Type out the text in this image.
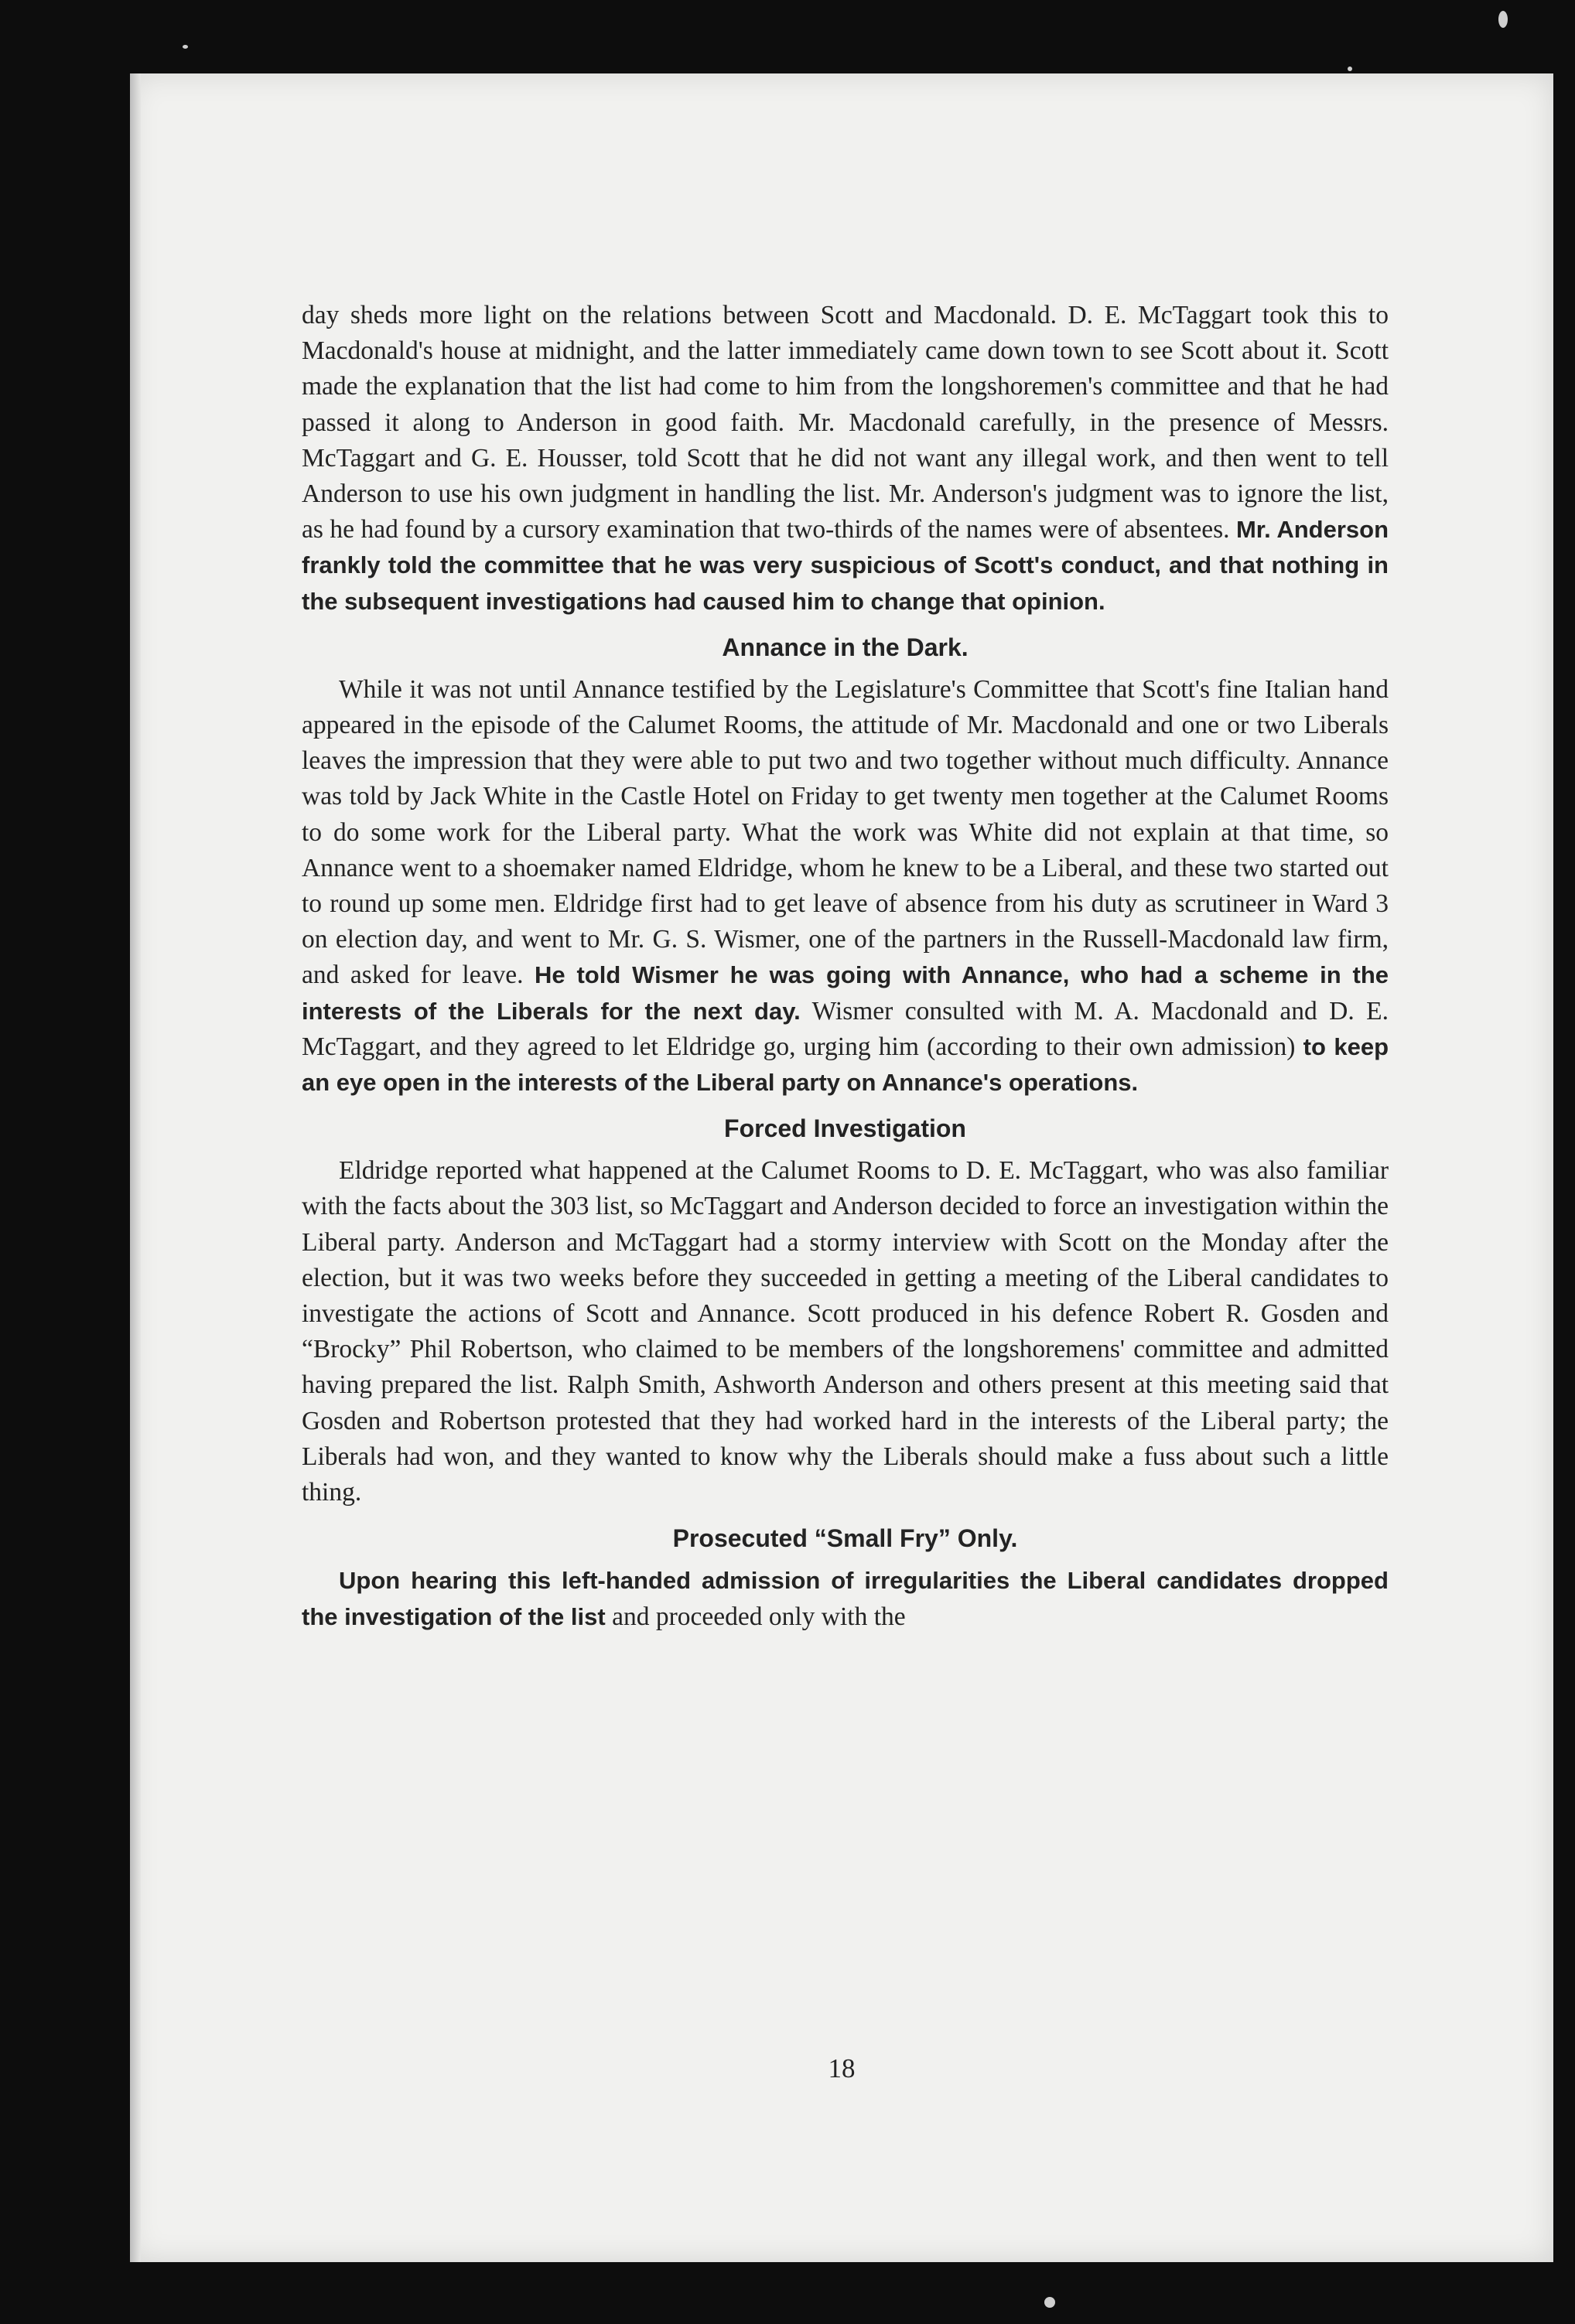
day sheds more light on the relations between Scott and Macdonald. D. E. McTaggart took this to Macdonald's house at midnight, and the latter immediately came down town to see Scott about it. Scott made the explanation that the list had come to him from the longshoremen's committee and that he had passed it along to Anderson in good faith. Mr. Macdonald carefully, in the presence of Messrs. McTaggart and G. E. Housser, told Scott that he did not want any illegal work, and then went to tell Anderson to use his own judgment in handling the list. Mr. Anderson's judgment was to ignore the list, as he had found by a cursory examination that two-thirds of the names were of absentees. Mr. Anderson frankly told the committee that he was very suspicious of Scott's conduct, and that nothing in the subsequent investigations had caused him to change that opinion.

Annance in the Dark.

While it was not until Annance testified by the Legislature's Committee that Scott's fine Italian hand appeared in the episode of the Calumet Rooms, the attitude of Mr. Macdonald and one or two Liberals leaves the impression that they were able to put two and two together without much difficulty. Annance was told by Jack White in the Castle Hotel on Friday to get twenty men together at the Calumet Rooms to do some work for the Liberal party. What the work was White did not explain at that time, so Annance went to a shoemaker named Eldridge, whom he knew to be a Liberal, and these two started out to round up some men. Eldridge first had to get leave of absence from his duty as scrutineer in Ward 3 on election day, and went to Mr. G. S. Wismer, one of the partners in the Russell-Macdonald law firm, and asked for leave. He told Wismer he was going with Annance, who had a scheme in the interests of the Liberals for the next day. Wismer consulted with M. A. Macdonald and D. E. McTaggart, and they agreed to let Eldridge go, urging him (according to their own admission) to keep an eye open in the interests of the Liberal party on Annance's operations.

Forced Investigation

Eldridge reported what happened at the Calumet Rooms to D. E. McTaggart, who was also familiar with the facts about the 303 list, so McTaggart and Anderson decided to force an investigation within the Liberal party. Anderson and McTaggart had a stormy interview with Scott on the Monday after the election, but it was two weeks before they succeeded in getting a meeting of the Liberal candidates to investigate the actions of Scott and Annance. Scott produced in his defence Robert R. Gosden and “Brocky” Phil Robertson, who claimed to be members of the longshoremens' committee and admitted having prepared the list. Ralph Smith, Ashworth Anderson and others present at this meeting said that Gosden and Robertson protested that they had worked hard in the interests of the Liberal party; the Liberals had won, and they wanted to know why the Liberals should make a fuss about such a little thing.

Prosecuted “Small Fry” Only.

Upon hearing this left-handed admission of irregularities the Liberal candidates dropped the investigation of the list and proceeded only with the

18
